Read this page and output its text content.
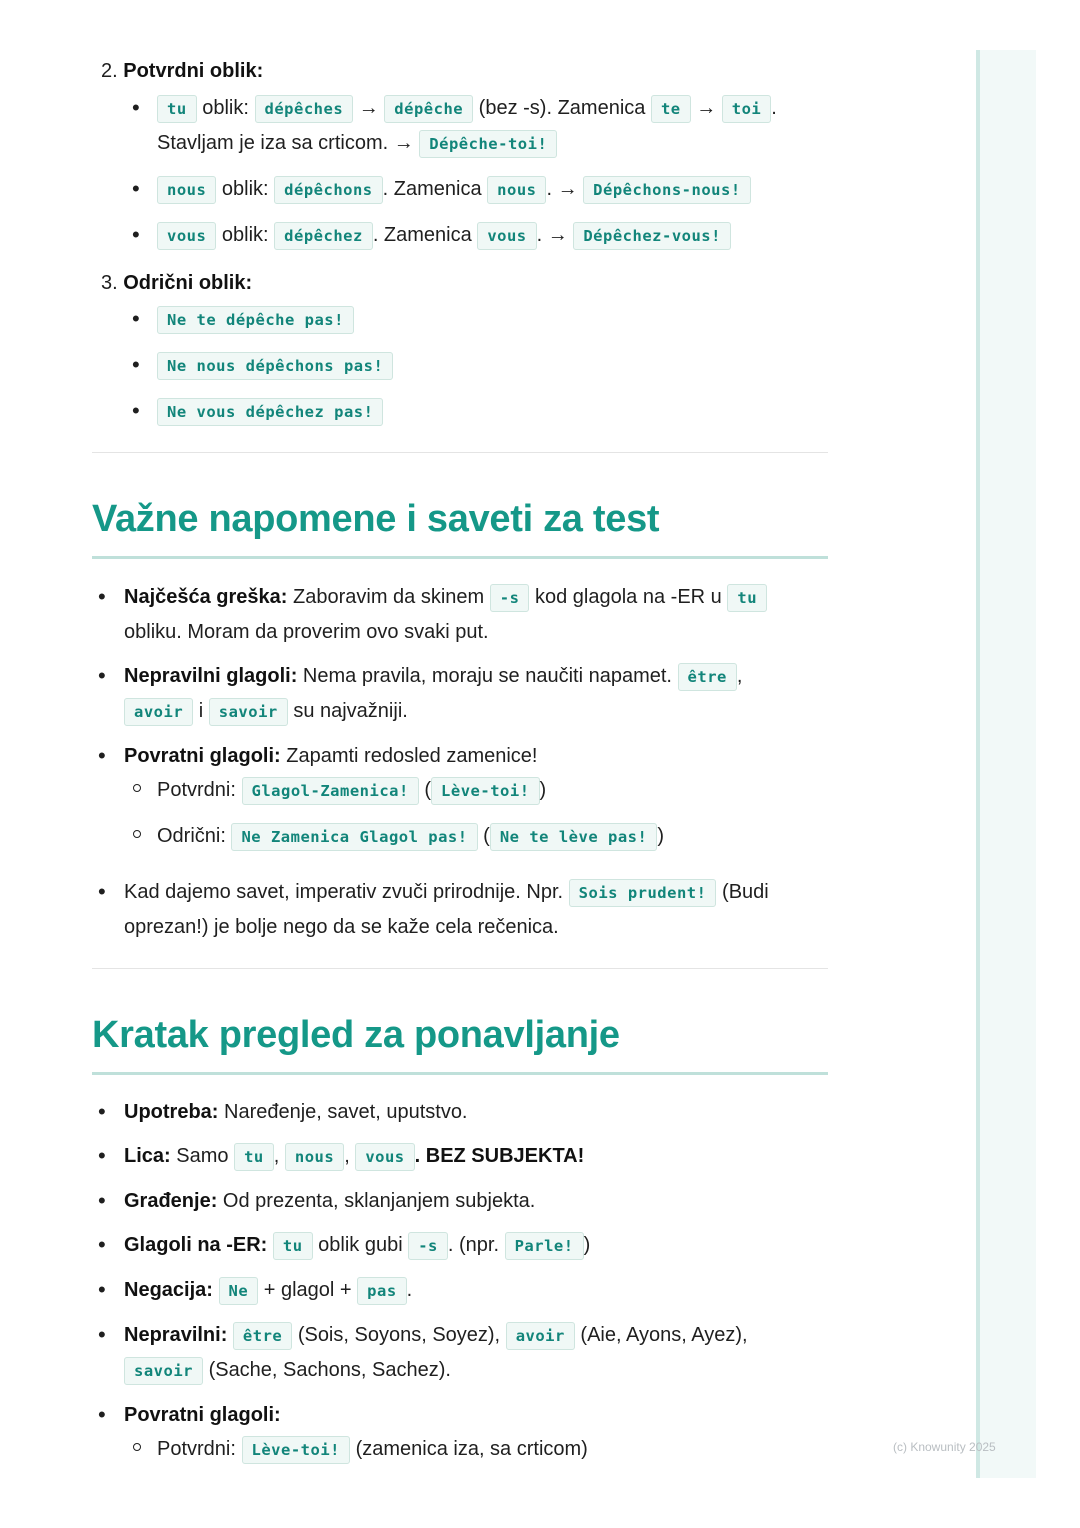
(c) Knowunity 2025
2. Potvrdni oblik:
• tu oblik: dépêches → dépêche (bez -s). Zamenica te → toi .
Stavljam je iza sa crticom. → Dépêche-toi!
• nous oblik: dépêchons . Zamenica nous . → Dépêchons-nous!
• vous oblik: dépêchez . Zamenica vous . → Dépêchez-vous!
3. Odrični oblik:
• Ne te dépêche pas!
• Ne nous dépêchons pas!
• Ne vous dépêchez pas!
Važne napomene i saveti za test
• Najčešća greška: Zaboravim da skinem -s kod glagola na -ER u tu
obliku. Moram da proverim ovo svaki put.
• Nepravilni glagoli: Nema pravila, moraju se naučiti napamet. être ,
avoir i savoir su najvažniji.
• Povratni glagoli: Zapamti redosled zamenice!
Potvrdni: Glagol-Zamenica! ( Lève-toi! )
Odrični: Ne Zamenica Glagol pas! ( Ne te lève pas! )
• Kad dajemo savet, imperativ zvuči prirodnije. Npr. Sois prudent! (Budi
oprezan!) je bolje nego da se kaže cela rečenica.
Kratak pregled za ponavljanje
• Upotreba: Naređenje, savet, uputstvo.
• Lica: Samo tu , nous , vous . BEZ SUBJEKTA!
• Građenje: Od prezenta, sklanjanjem subjekta.
• Glagoli na -ER: tu oblik gubi -s . (npr. Parle! )
• Negacija: Ne + glagol + pas .
• Nepravilni: être (Sois, Soyons, Soyez), avoir (Aie, Ayons, Ayez),
savoir (Sache, Sachons, Sachez).
• Povratni glagoli:
Potvrdni: Lève-toi! (zamenica iza, sa crticom)
